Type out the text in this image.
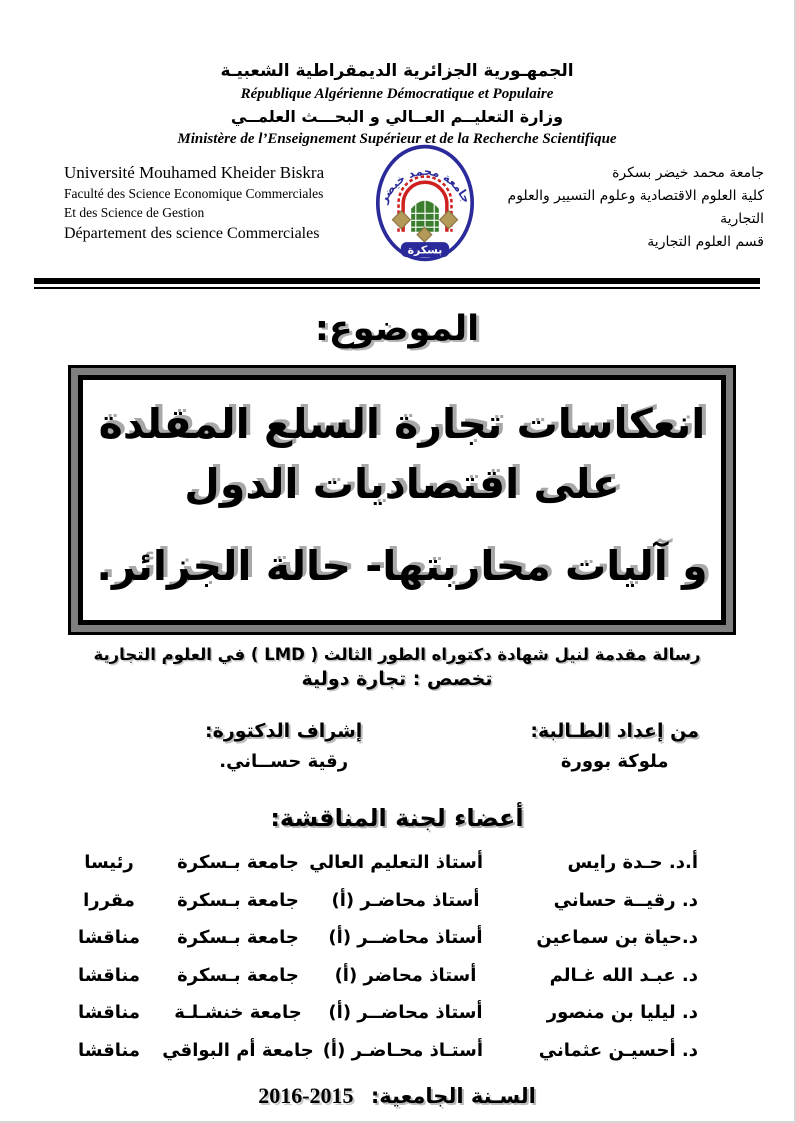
الجمهـورية الجزائرية الديمقراطية الشعبيـة
République Algérienne Démocratique et Populaire
وزارة التعليــم العــالي و البحـــث العلمــي
Ministère de l’Enseignement Supérieur et de la Recherche Scientifique
Université Mouhamed Kheider Biskra
Faculté des Science Economique Commerciales
Et des Science de Gestion
Département des science Commerciales
جامعة محمد خيضر
بسكرة
جامعة محمد خيضر بسكرة
كلية العلوم الاقتصادية وعلوم التسيير والعلوم التجارية
قسم العلوم التجارية
الموضوع:
انعكاسات تجارة السلع المقلدة على اقتصاديات الدول
و آليات محاربتها- حالة الجزائر.
رسالة مقدمة لنيل شهادة دكتوراه الطور الثالث ( LMD ) في العلوم التجارية
تخصص : تجارة دولية
من إعداد الطـالبة:
ملوكة بوورة
إشراف الدكتورة:
رقية حســاني.
أعضاء لجنة المناقشة:
أ.د. حـدة رايس
أستاذ التعليم العالي
جامعة بـسكرة
رئيسا
د. رقيــة حساني
أستاذ محاضـر (أ)
جامعة بـسكرة
مقررا
د.حياة بن سماعين
أستاذ محاضــر (أ)
جامعة بـسكرة
مناقشا
د. عبـد الله غـالم
أستاذ محاضر (أ)
جامعة بـسكرة
مناقشا
د. ليليا بن منصور
أستاذ محاضــر (أ)
جامعة خنشـلـة
مناقشا
د. أحسيـن عثماني
أستـاذ محـاضـر (أ)
جامعة أم البواقي
مناقشا
السـنة الجامعية: 2016-2015
